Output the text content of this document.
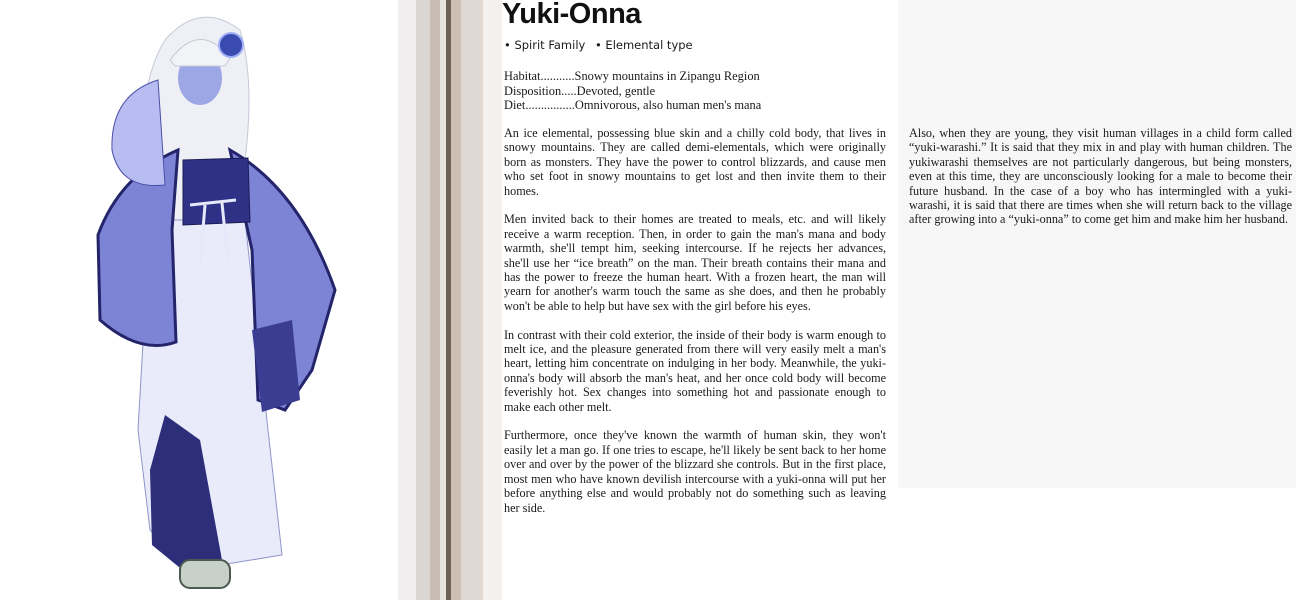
Yuki-Onna
• Spirit Family • Elemental type
Habitat...........Snowy mountains in Zipangu Region
Disposition.....Devoted, gentle
Diet................Omnivorous, also human men's mana

An ice elemental, possessing blue skin and a chilly cold body, that lives in snowy mountains. They are called demi-elementals, which were originally born as monsters. They have the power to control blizzards, and cause men who set foot in snowy mountains to get lost and then invite them to their homes.

Men invited back to their homes are treated to meals, etc. and will likely receive a warm reception. Then, in order to gain the man's mana and body warmth, she'll tempt him, seeking intercourse. If he rejects her advances, she'll use her “ice breath” on the man. Their breath contains their mana and has the power to freeze the human heart. With a frozen heart, the man will yearn for another's warm touch the same as she does, and then he probably won't be able to help but have sex with the girl before his eyes.

In contrast with their cold exterior, the inside of their body is warm enough to melt ice, and the pleasure generated from there will very easily melt a man's heart, letting him concentrate on indulging in her body. Meanwhile, the yuki-onna's body will absorb the man's heat, and her once cold body will become feverishly hot. Sex changes into something hot and passionate enough to make each other melt.

Furthermore, once they've known the warmth of human skin, they won't easily let a man go. If one tries to escape, he'll likely be sent back to her home over and over by the power of the blizzard she controls. But in the first place, most men who have known devilish intercourse with a yuki-onna will put her before anything else and would probably not do something such as leaving her side.

Also, when they are young, they visit human villages in a child form called “yuki-warashi.” It is said that they mix in and play with human children. The yukiwarashi themselves are not particularly dangerous, but being monsters, even at this time, they are unconsciously looking for a male to become their future husband. In the case of a boy who has intermingled with a yuki-warashi, it is said that there are times when she will return back to the village after growing into a “yuki-onna” to come get him and make him her husband.
